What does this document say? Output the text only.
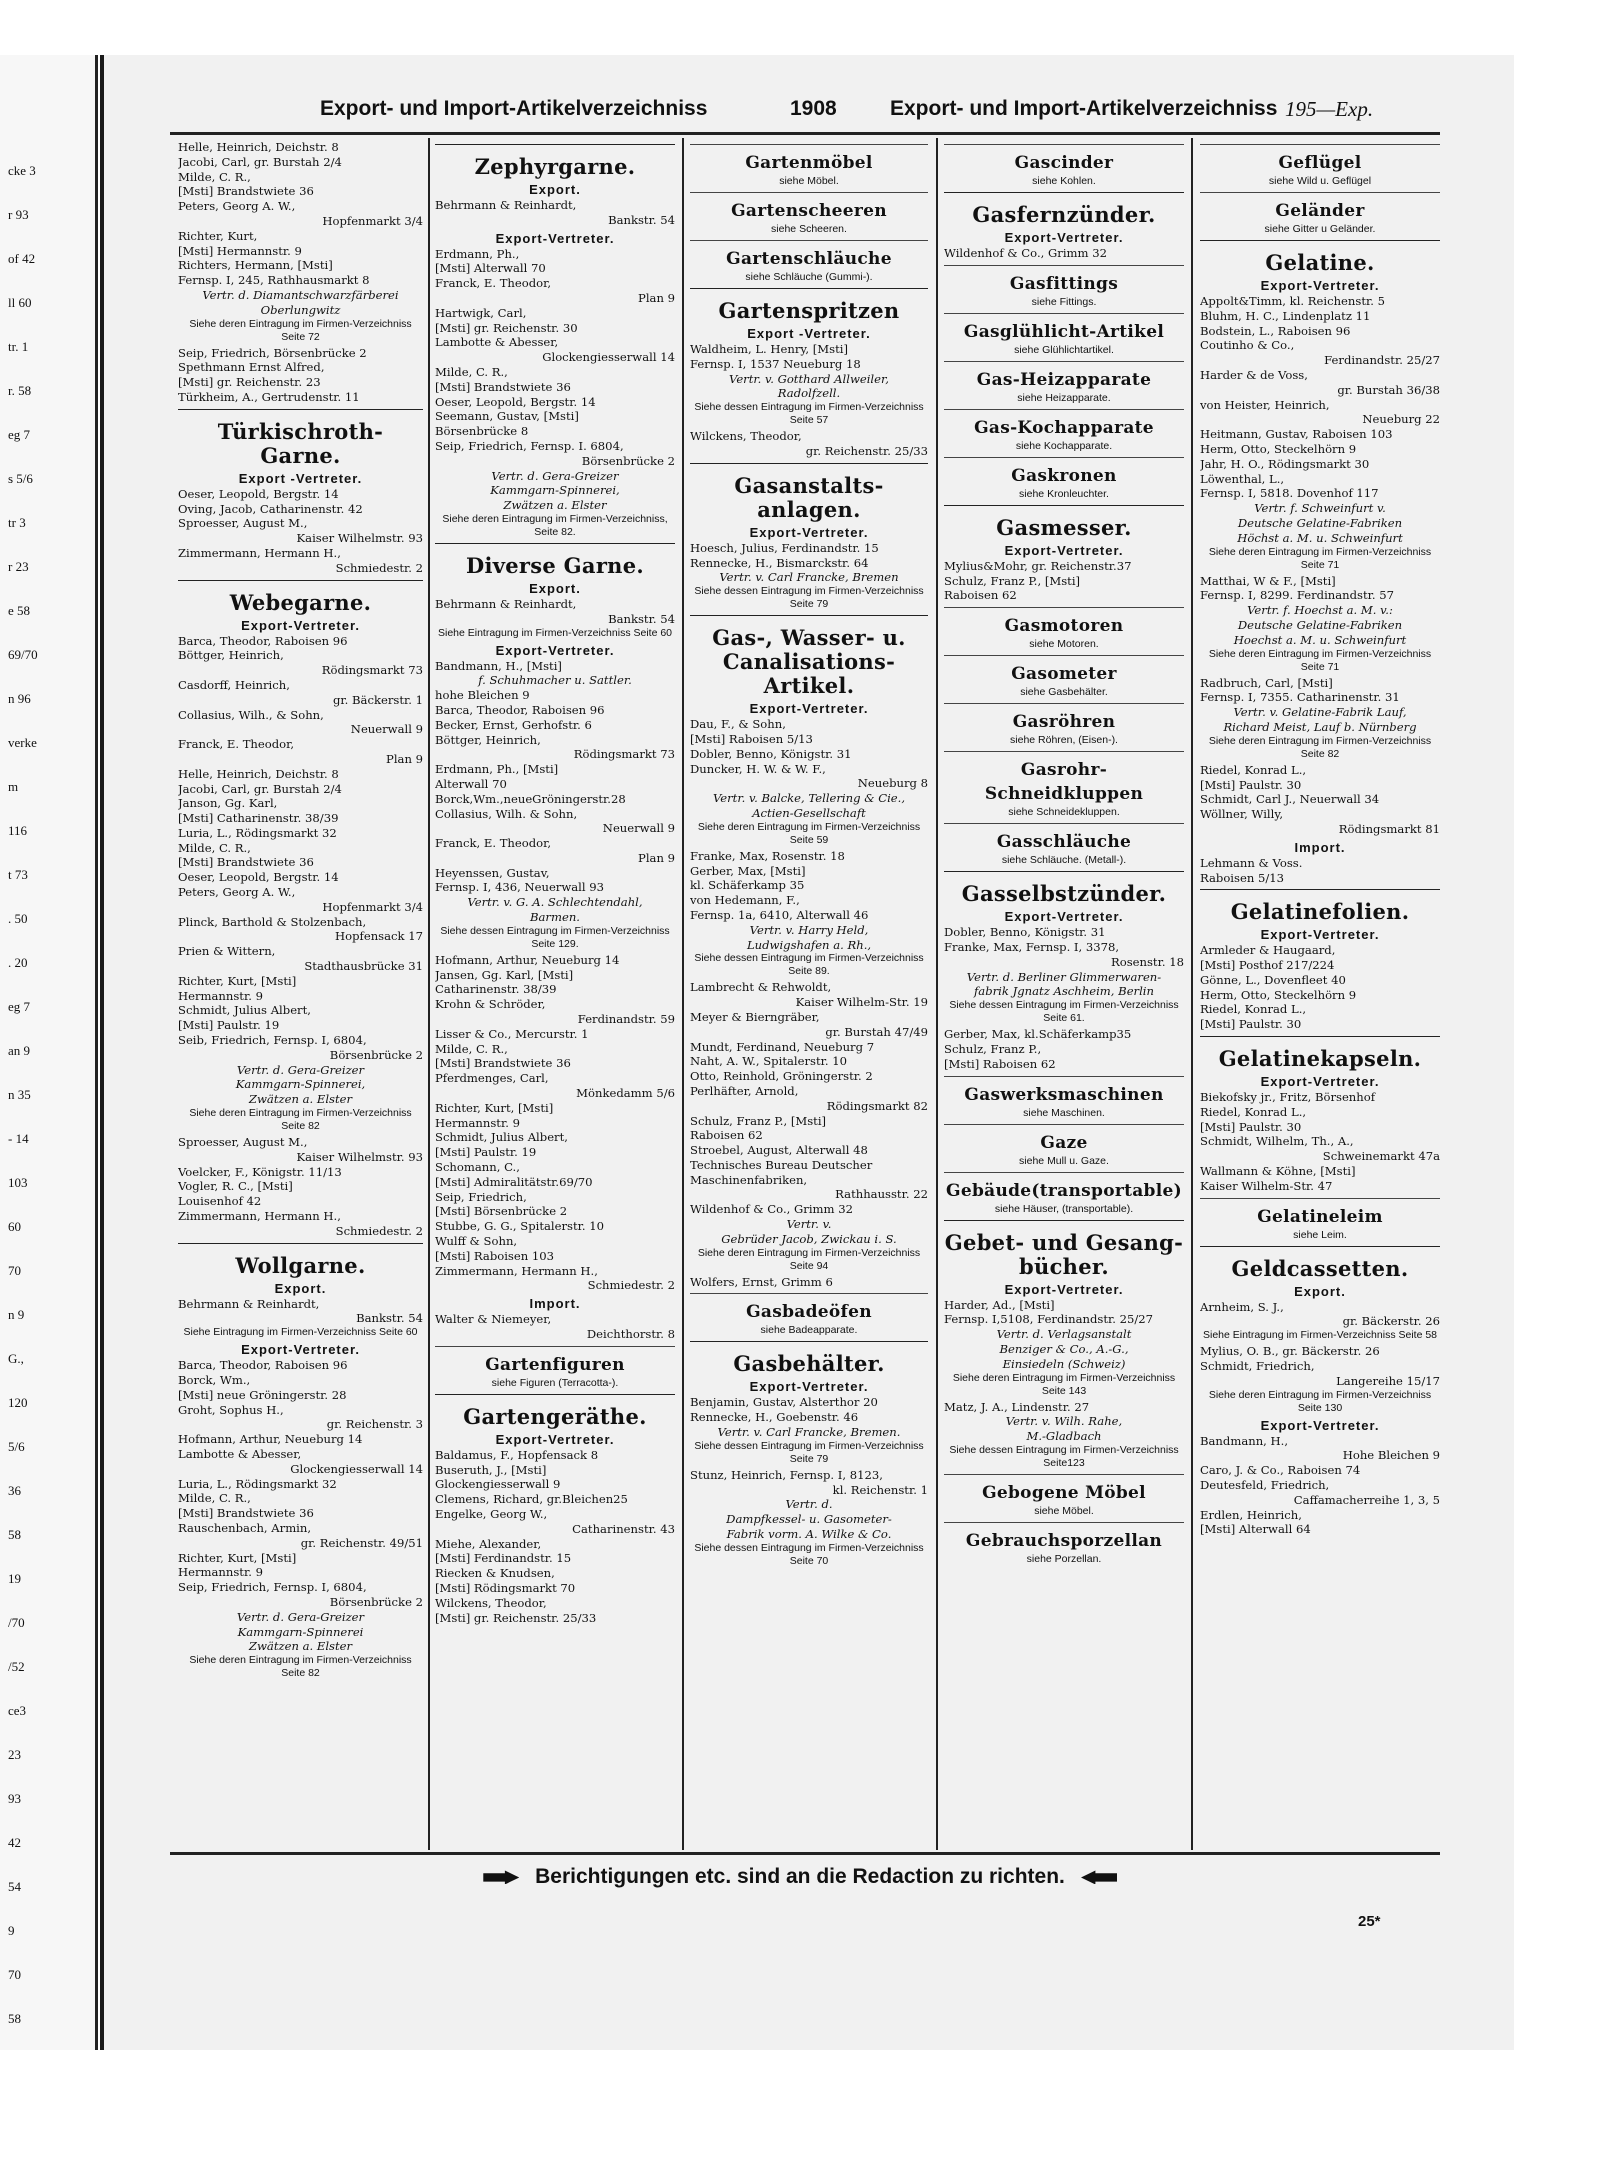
cke 3
r 93
of 42
ll 60
tr. 1
r. 58
eg 7
s 5/6
tr 3
r 23
e 58
69/70
n 96
verke
m
116
t 73
. 50
. 20
eg 7
an 9
n 35
- 14
103
60
70
n 9
G.,
120
5/6
36
58
19
/70
/52
ce3
23
93
42
54
9
70
58
Export- und Import-Artikelverzeichniss	1908	Export- und Import-Artikelverzeichniss 195—Exp.
Helle, Heinrich, Deichstr. 8
Jacobi, Carl, gr. Burstah 2/4
Milde, C. R.,
[Msti] Brandstwiete 36
Peters, Georg A. W.,
Hopfenmarkt 3/4
Richter, Kurt,
[Msti] Hermannstr. 9
Richters, Hermann, [Msti]
Fernsp. I, 245, Rathhausmarkt 8
Vertr. d. Diamantschwarzfärberei
Oberlungwitz
Siehe deren Eintragung im Firmen-Verzeichniss Seite 72
Seip, Friedrich, Börsenbrücke 2
Spethmann Ernst Alfred,
[Msti] gr. Reichenstr. 23
Türkheim, A., Gertrudenstr. 11
Türkischroth-Garne.
Export -Vertreter.
Oeser, Leopold, Bergstr. 14
Oving, Jacob, Catharinenstr. 42
Sproesser, August M.,
Kaiser Wilhelmstr. 93
Zimmermann, Hermann H.,
Schmiedestr. 2
Webegarne.
Export-Vertreter.
Barca, Theodor, Raboisen 96
Böttger, Heinrich,
Rödingsmarkt 73
Casdorff, Heinrich,
gr. Bäckerstr. 1
Collasius, Wilh., & Sohn,
Neuerwall 9
Franck, E. Theodor,
Plan 9
Helle, Heinrich, Deichstr. 8
Jacobi, Carl, gr. Burstah 2/4
Janson, Gg. Karl,
[Msti] Catharinenstr. 38/39
Luria, L., Rödingsmarkt 32
Milde, C. R.,
[Msti] Brandstwiete 36
Oeser, Leopold, Bergstr. 14
Peters, Georg A. W.,
Hopfenmarkt 3/4
Plinck, Barthold & Stolzenbach,
Hopfensack 17
Prien & Wittern,
Stadthausbrücke 31
Richter, Kurt, [Msti]
Hermannstr. 9
Schmidt, Julius Albert,
[Msti] Paulstr. 19
Seib, Friedrich, Fernsp. I, 6804,
Börsenbrücke 2
Vertr. d. Gera-Greizer
Kammgarn-Spinnerei,
Zwätzen a. Elster
Siehe deren Eintragung im Firmen-Verzeichniss Seite 82
Sproesser, August M.,
Kaiser Wilhelmstr. 93
Voelcker, F., Königstr. 11/13
Vogler, R. C., [Msti]
Louisenhof 42
Zimmermann, Hermann H.,
Schmiedestr. 2
Wollgarne.
Export.
Behrmann & Reinhardt,
Bankstr. 54
Siehe Eintragung im Firmen-Verzeichniss Seite 60
Export-Vertreter.
Barca, Theodor, Raboisen 96
Borck, Wm.,
[Msti] neue Gröningerstr. 28
Groht, Sophus H.,
gr. Reichenstr. 3
Hofmann, Arthur, Neueburg 14
Lambotte & Abesser,
Glockengiesserwall 14
Luria, L., Rödingsmarkt 32
Milde, C. R.,
[Msti] Brandstwiete 36
Rauschenbach, Armin,
gr. Reichenstr. 49/51
Richter, Kurt, [Msti]
Hermannstr. 9
Seip, Friedrich, Fernsp. I, 6804,
Börsenbrücke 2
Vertr. d. Gera-Greizer
Kammgarn-Spinnerei
Zwätzen a. Elster
Siehe deren Eintragung im Firmen-Verzeichniss Seite 82
Zephyrgarne.
Export.
Behrmann & Reinhardt,
Bankstr. 54
Export-Vertreter.
Erdmann, Ph.,
[Msti] Alterwall 70
Franck, E. Theodor,
Plan 9
Hartwigk, Carl,
[Msti] gr. Reichenstr. 30
Lambotte & Abesser,
Glockengiesserwall 14
Milde, C. R.,
[Msti] Brandstwiete 36
Oeser, Leopold, Bergstr. 14
Seemann, Gustav, [Msti]
Börsenbrücke 8
Seip, Friedrich, Fernsp. I. 6804,
Börsenbrücke 2
Vertr. d. Gera-Greizer
Kammgarn-Spinnerei,
Zwätzen a. Elster
Siehe deren Eintragung im Firmen-Verzeichniss, Seite 82.
Diverse Garne.
Export.
Behrmann & Reinhardt,
Bankstr. 54
Siehe Eintragung im Firmen-Verzeichniss Seite 60
Export-Vertreter.
Bandmann, H., [Msti]
f. Schuhmacher u. Sattler.
hohe Bleichen 9
Barca, Theodor, Raboisen 96
Becker, Ernst, Gerhofstr. 6
Böttger, Heinrich,
Rödingsmarkt 73
Erdmann, Ph., [Msti]
Alterwall 70
Borck,Wm.,neueGröningerstr.28
Collasius, Wilh. & Sohn,
Neuerwall 9
Franck, E. Theodor,
Plan 9
Heyenssen, Gustav,
Fernsp. I, 436, Neuerwall 93
Vertr. v. G. A. Schlechtendahl,
Barmen.
Siehe dessen Eintragung im Firmen-Verzeichniss Seite 129.
Hofmann, Arthur, Neueburg 14
Jansen, Gg. Karl, [Msti]
Catharinenstr. 38/39
Krohn & Schröder,
Ferdinandstr. 59
Lisser & Co., Mercurstr. 1
Milde, C. R.,
[Msti] Brandstwiete 36
Pferdmenges, Carl,
Mönkedamm 5/6
Richter, Kurt, [Msti]
Hermannstr. 9
Schmidt, Julius Albert,
[Msti] Paulstr. 19
Schomann, C.,
[Msti] Admiralitätstr.69/70
Seip, Friedrich,
[Msti] Börsenbrücke 2
Stubbe, G. G., Spitalerstr. 10
Wulff & Sohn,
[Msti] Raboisen 103
Zimmermann, Hermann H.,
Schmiedestr. 2
Import.
Walter & Niemeyer,
Deichthorstr. 8
Gartenfiguren
siehe Figuren (Terracotta-).
Gartengeräthe.
Export-Vertreter.
Baldamus, F., Hopfensack 8
Buseruth, J., [Msti]
Glockengiesserwall 9
Clemens, Richard, gr.Bleichen25
Engelke, Georg W.,
Catharinenstr. 43
Miehe, Alexander,
[Msti] Ferdinandstr. 15
Riecken & Knudsen,
[Msti] Rödingsmarkt 70
Wilckens, Theodor,
[Msti] gr. Reichenstr. 25/33
Gartenmöbel
siehe Möbel.
Gartenscheeren
siehe Scheeren.
Gartenschläuche
siehe Schläuche (Gummi-).
Gartenspritzen
Export -Vertreter.
Waldheim, L. Henry, [Msti]
Fernsp. I, 1537 Neueburg 18
Vertr. v. Gotthard Allweiler,
Radolfzell.
Siehe dessen Eintragung im Firmen-Verzeichniss Seite 57
Wilckens, Theodor,
gr. Reichenstr. 25/33
Gasanstalts-anlagen.
Export-Vertreter.
Hoesch, Julius, Ferdinandstr. 15
Rennecke, H., Bismarckstr. 64
Vertr. v. Carl Francke, Bremen
Siehe dessen Eintragung im Firmen-Verzeichniss Seite 79
Gas-, Wasser- u. Canalisations-Artikel.
Export-Vertreter.
Dau, F., & Sohn,
[Msti] Raboisen 5/13
Dobler, Benno, Königstr. 31
Duncker, H. W. & W. F.,
Neueburg 8
Vertr. v. Balcke, Tellering & Cie.,
Actien-Gesellschaft
Siehe deren Eintragung im Firmen-Verzeichniss Seite 59
Franke, Max, Rosenstr. 18
Gerber, Max, [Msti]
kl. Schäferkamp 35
von Hedemann, F.,
Fernsp. 1a, 6410, Alterwall 46
Vertr. v. Harry Held,
Ludwigshafen a. Rh.,
Siehe dessen Eintragung im Firmen-Verzeichniss Seite 89.
Lambrecht & Rehwoldt,
Kaiser Wilhelm-Str. 19
Meyer & Bierngräber,
gr. Burstah 47/49
Mundt, Ferdinand, Neueburg 7
Naht, A. W., Spitalerstr. 10
Otto, Reinhold, Gröningerstr. 2
Perlhäfter, Arnold,
Rödingsmarkt 82
Schulz, Franz P., [Msti]
Raboisen 62
Stroebel, August, Alterwall 48
Technisches Bureau Deutscher
Maschinenfabriken,
Rathhausstr. 22
Wildenhof & Co., Grimm 32
Vertr. v.
Gebrüder Jacob, Zwickau i. S.
Siehe deren Eintragung im Firmen-Verzeichniss Seite 94
Wolfers, Ernst, Grimm 6
Gasbadeöfen
siehe Badeapparate.
Gasbehälter.
Export-Vertreter.
Benjamin, Gustav, Alsterthor 20
Rennecke, H., Goebenstr. 46
Vertr. v. Carl Francke, Bremen.
Siehe dessen Eintragung im Firmen-Verzeichniss Seite 79
Stunz, Heinrich, Fernsp. I, 8123,
kl. Reichenstr. 1
Vertr. d.
Dampfkessel- u. Gasometer-
Fabrik vorm. A. Wilke & Co.
Siehe dessen Eintragung im Firmen-Verzeichniss Seite 70
Gascinder
siehe Kohlen.
Gasfernzünder.
Export-Vertreter.
Wildenhof & Co., Grimm 32
Gasfittings
siehe Fittings.
Gasglühlicht-Artikel
siehe Glühlichtartikel.
Gas-Heizapparate
siehe Heizapparate.
Gas-Kochapparate
siehe Kochapparate.
Gaskronen
siehe Kronleuchter.
Gasmesser.
Export-Vertreter.
Mylius&Mohr, gr. Reichenstr.37
Schulz, Franz P., [Msti]
Raboisen 62
Gasmotoren
siehe Motoren.
Gasometer
siehe Gasbehälter.
Gasröhren
siehe Röhren, (Eisen-).
Gasrohr-Schneidkluppen
siehe Schneidekluppen.
Gasschläuche
siehe Schläuche. (Metall-).
Gasselbstzünder.
Export-Vertreter.
Dobler, Benno, Königstr. 31
Franke, Max, Fernsp. I, 3378,
Rosenstr. 18
Vertr. d. Berliner Glimmerwaren-
fabrik Jgnatz Aschheim, Berlin
Siehe dessen Eintragung im Firmen-Verzeichniss Seite 61.
Gerber, Max, kl.Schäferkamp35
Schulz, Franz P.,
[Msti] Raboisen 62
Gaswerksmaschinen
siehe Maschinen.
Gaze
siehe Mull u. Gaze.
Gebäude(transportable)
siehe Häuser, (transportable).
Gebet- und Gesang-bücher.
Export-Vertreter.
Harder, Ad., [Msti]
Fernsp. I,5108, Ferdinandstr. 25/27
Vertr. d. Verlagsanstalt
Benziger & Co., A.-G.,
Einsiedeln (Schweiz)
Siehe deren Eintragung im Firmen-Verzeichniss Seite 143
Matz, J. A., Lindenstr. 27
Vertr. v. Wilh. Rahe,
M.-Gladbach
Siehe dessen Eintragung im Firmen-Verzeichniss Seite123
Gebogene Möbel
siehe Möbel.
Gebrauchsporzellan
siehe Porzellan.
Geflügel
siehe Wild u. Geflügel
Geländer
siehe Gitter u Geländer.
Gelatine.
Export-Vertreter.
Appolt&Timm, kl. Reichenstr. 5
Bluhm, H. C., Lindenplatz 11
Bodstein, L., Raboisen 96
Coutinho & Co.,
Ferdinandstr. 25/27
Harder & de Voss,
gr. Burstah 36/38
von Heister, Heinrich,
Neueburg 22
Heitmann, Gustav, Raboisen 103
Herm, Otto, Steckelhörn 9
Jahr, H. O., Rödingsmarkt 30
Löwenthal, L.,
Fernsp. I, 5818. Dovenhof 117
Vertr. f. Schweinfurt v.
Deutsche Gelatine-Fabriken
Höchst a. M. u. Schweinfurt
Siehe deren Eintragung im Firmen-Verzeichniss Seite 71
Matthai, W & F., [Msti]
Fernsp. I, 8299. Ferdinandstr. 57
Vertr. f. Hoechst a. M. v.:
Deutsche Gelatine-Fabriken
Hoechst a. M. u. Schweinfurt
Siehe deren Eintragung im Firmen-Verzeichniss Seite 71
Radbruch, Carl, [Msti]
Fernsp. I, 7355. Catharinenstr. 31
Vertr. v. Gelatine-Fabrik Lauf,
Richard Meist, Lauf b. Nürnberg
Siehe deren Eintragung im Firmen-Verzeichniss Seite 82
Riedel, Konrad L.,
[Msti] Paulstr. 30
Schmidt, Carl J., Neuerwall 34
Wöllner, Willy,
Rödingsmarkt 81
Import.
Lehmann & Voss.
Raboisen 5/13
Gelatinefolien.
Export-Vertreter.
Armleder & Haugaard,
[Msti] Posthof 217/224
Gönne, L., Dovenfleet 40
Herm, Otto, Steckelhörn 9
Riedel, Konrad L.,
[Msti] Paulstr. 30
Gelatinekapseln.
Export-Vertreter.
Biekofsky jr., Fritz, Börsenhof
Riedel, Konrad L.,
[Msti] Paulstr. 30
Schmidt, Wilhelm, Th., A.,
Schweinemarkt 47a
Wallmann & Köhne, [Msti]
Kaiser Wilhelm-Str. 47
Gelatineleim
siehe Leim.
Geldcassetten.
Export.
Arnheim, S. J.,
gr. Bäckerstr. 26
Siehe Eintragung im Firmen-Verzeichniss Seite 58
Mylius, O. B., gr. Bäckerstr. 26
Schmidt, Friedrich,
Langereihe 15/17
Siehe deren Eintragung im Firmen-Verzeichniss Seite 130
Export-Vertreter.
Bandmann, H.,
Hohe Bleichen 9
Caro, J. & Co., Raboisen 74
Deutesfeld, Friedrich,
Caffamacherreihe 1, 3, 5
Erdlen, Heinrich,
[Msti] Alterwall 64
Berichtigungen etc. sind an die Redaction zu richten.
25*
